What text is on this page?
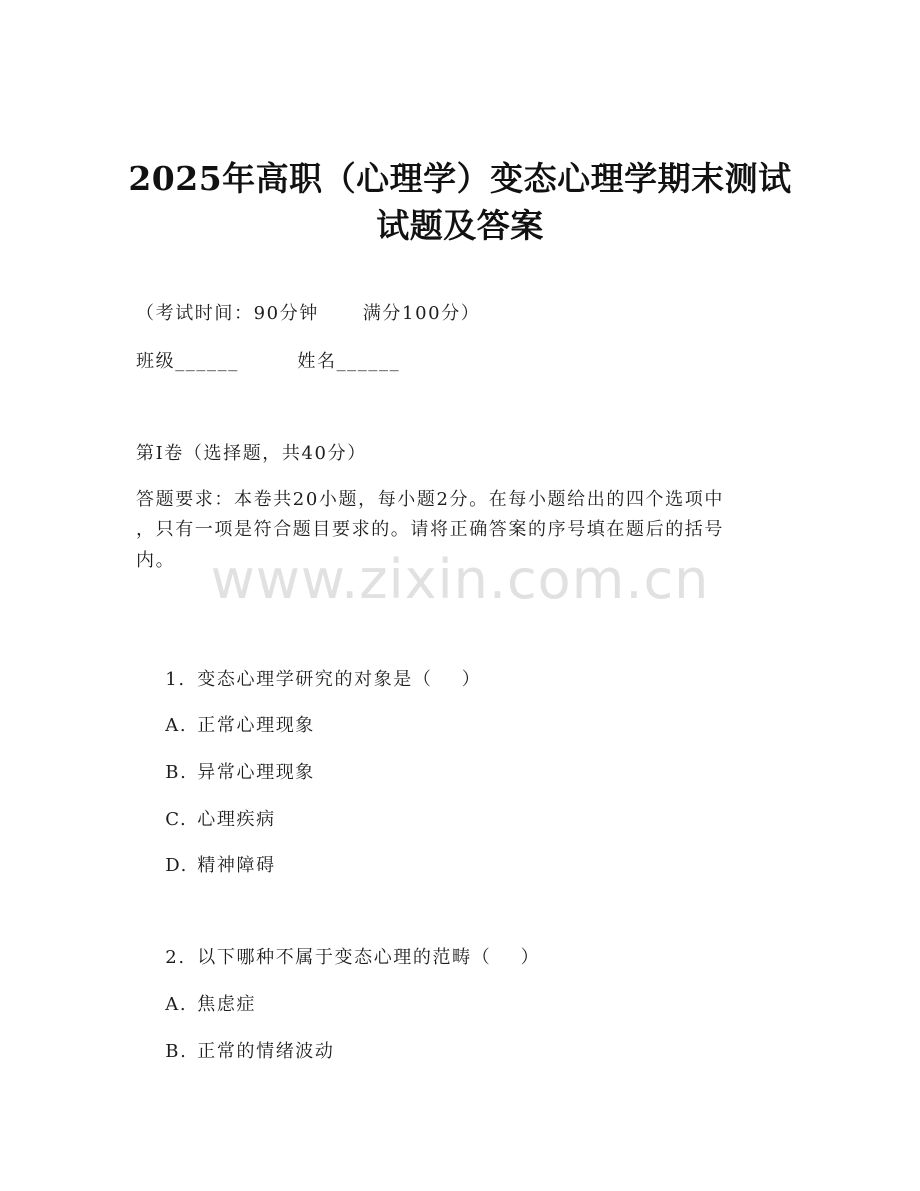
2025年高职（心理学）变态心理学期末测试
试题及答案
（考试时间：90分钟      满分100分）
班级______        姓名______
第I卷（选择题，共40分）
答题要求：本卷共20小题，每小题2分。在每小题给出的四个选项中
，只有一项是符合题目要求的。请将正确答案的序号填在题后的括号
内。 www.zixin.com.cn

1. 变态心理学研究的对象是（    ）

A. 正常心理现象

B. 异常心理现象

C. 心理疾病

D. 精神障碍

2. 以下哪种不属于变态心理的范畴（    ）

A. 焦虑症

B. 正常的情绪波动
